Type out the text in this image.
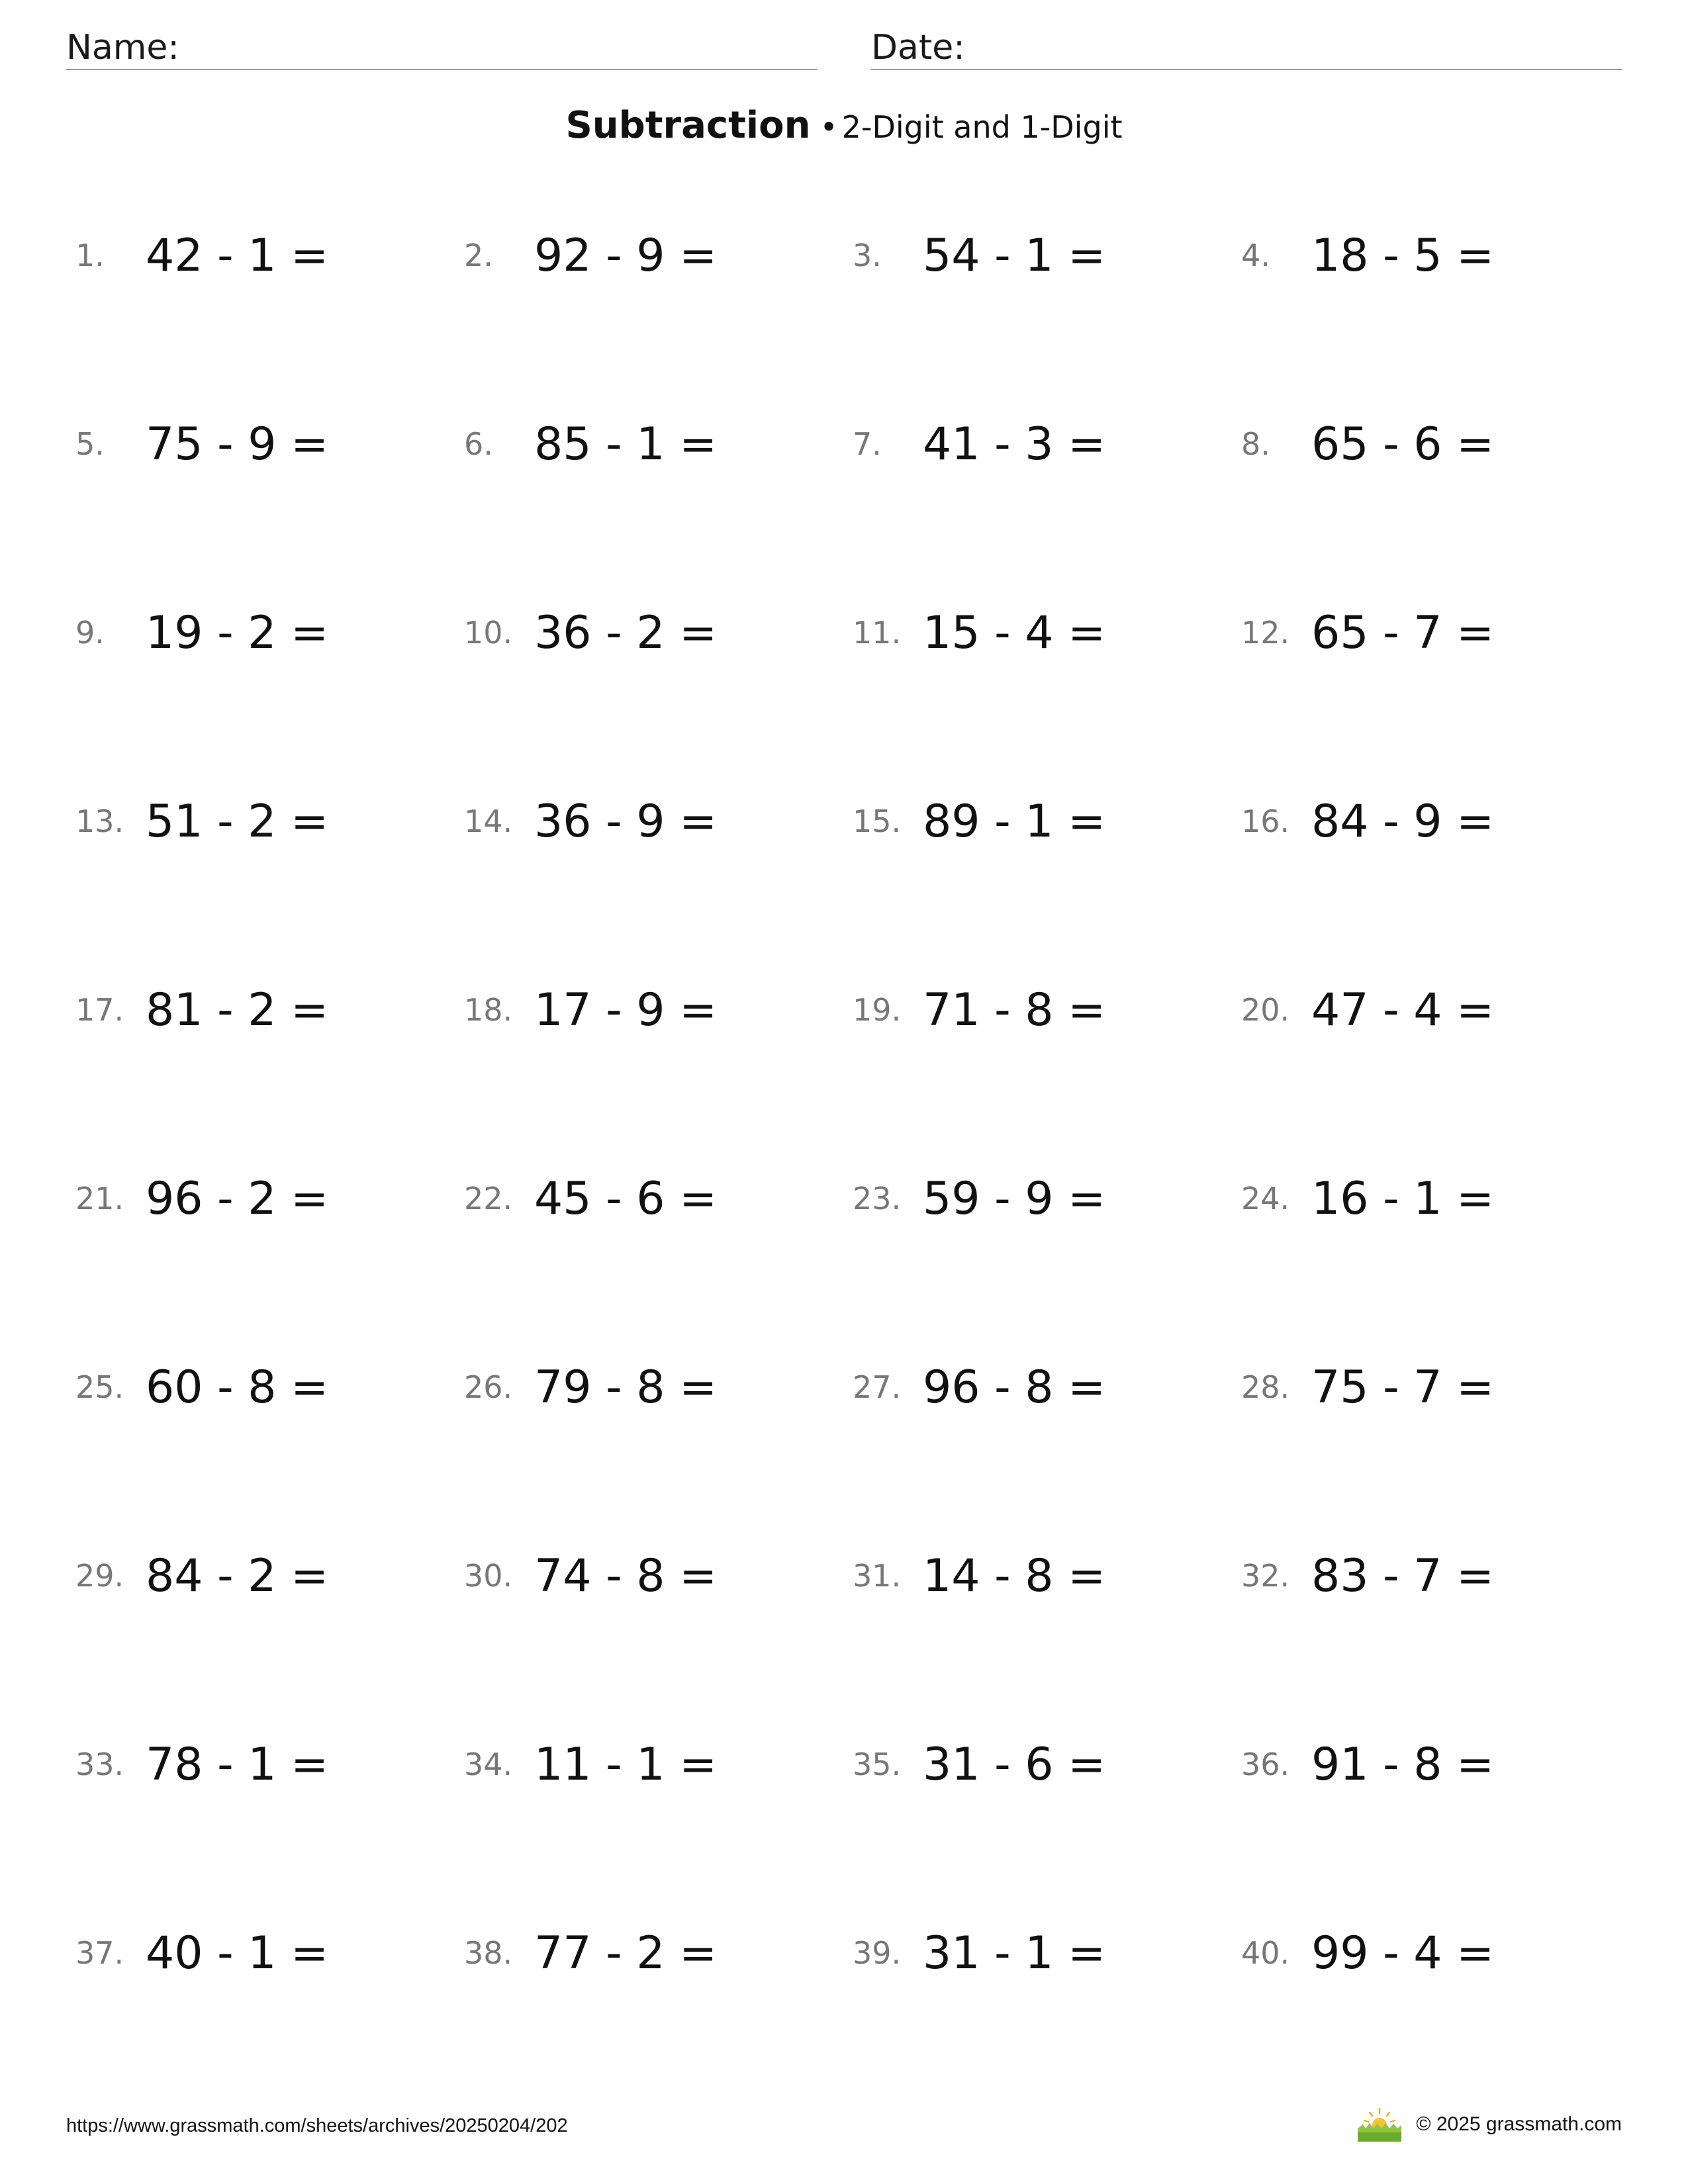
Name:	Date:
Subtraction • 2-Digit and 1-Digit
1. 42 - 1 =	2. 92 - 9 =	3. 54 - 1 =	4. 18 - 5 =
5. 75 - 9 =	6. 85 - 1 =	7. 41 - 3 =	8. 65 - 6 =
9. 19 - 2 =	10. 36 - 2 =	11. 15 - 4 =	12. 65 - 7 =
13. 51 - 2 =	14. 36 - 9 =	15. 89 - 1 =	16. 84 - 9 =
17. 81 - 2 =	18. 17 - 9 =	19. 71 - 8 =	20. 47 - 4 =
21. 96 - 2 =	22. 45 - 6 =	23. 59 - 9 =	24. 16 - 1 =
25. 60 - 8 =	26. 79 - 8 =	27. 96 - 8 =	28. 75 - 7 =
29. 84 - 2 =	30. 74 - 8 =	31. 14 - 8 =	32. 83 - 7 =
33. 78 - 1 =	34. 11 - 1 =	35. 31 - 6 =	36. 91 - 8 =
37. 40 - 1 =	38. 77 - 2 =	39. 31 - 1 =	40. 99 - 4 =
https://www.grassmath.com/sheets/archives/20250204/202	© 2025 grassmath.com
